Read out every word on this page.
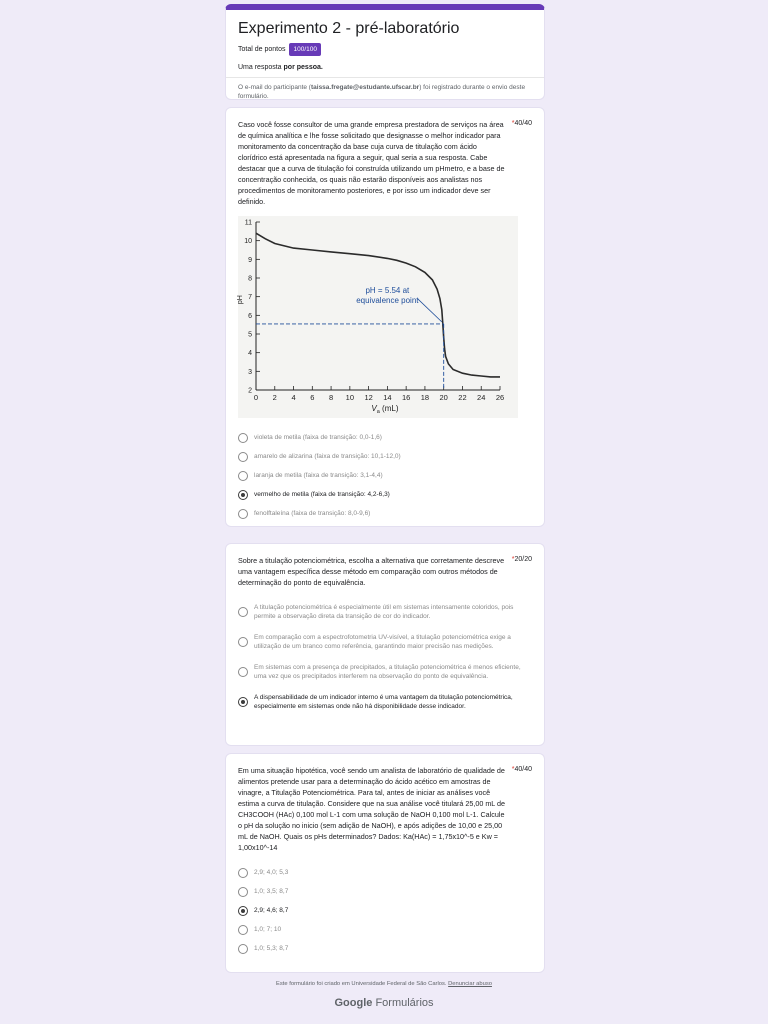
Experimento 2 - pré-laboratório
Total de pontos	100/100
Uma resposta por pessoa.
O e-mail do participante (taissa.fregate@estudante.ufscar.br) foi registrado durante o envio deste formulário.
Caso você fosse consultor de uma grande empresa prestadora de serviços na área de química analítica e lhe fosse solicitado que designasse o melhor indicador para monitoramento da concentração da base cuja curva de titulação com ácido clorídrico está apresentada na figura a seguir, qual seria a sua resposta. Cabe destacar que a curva de titulação foi construída utilizando um pHmetro, e a base de concentração conhecida, os quais não estarão disponíveis aos analistas nos procedimentos de monitoramento posteriores, e por isso um indicador deve ser definido.
*40/40
2
3
4
5
6
7
8
9
10
11
0 2 4 6 8 10 12 14 16 18 20 22 24 26
pH
$V_a$ (mL)
pH = 5.54 at
equivalence point
violeta de metila (faixa de transição: 0,0-1,6)
amarelo de alizarina (faixa de transição: 10,1-12,0)
laranja de metila (faixa de transição: 3,1-4,4)
vermelho de metila (faixa de transição: 4,2-6,3)
fenolftaleína (faixa de transição: 8,0-9,6)
Sobre a titulação potenciométrica, escolha a alternativa que corretamente descreve uma vantagem específica desse método em comparação com outros métodos de determinação do ponto de equivalência.
*20/20
A titulação potenciométrica é especialmente útil em sistemas intensamente coloridos, pois permite a observação direta da transição de cor do indicador.
Em comparação com a espectrofotometria UV-visível, a titulação potenciométrica exige a utilização de um branco como referência, garantindo maior precisão nas medições.
Em sistemas com a presença de precipitados, a titulação potenciométrica é menos eficiente, uma vez que os precipitados interferem na observação do ponto de equivalência.
A dispensabilidade de um indicador interno é uma vantagem da titulação potenciométrica, especialmente em sistemas onde não há disponibilidade desse indicador.
Em uma situação hipotética, você sendo um analista de laboratório de qualidade de alimentos pretende usar para a determinação do ácido acético em amostras de vinagre, a Titulação Potenciométrica. Para tal, antes de iniciar as análises você estima a curva de titulação. Considere que na sua análise você titulará 25,00 mL de CH3COOH (HAc) 0,100 mol L-1 com uma solução de NaOH 0,100 mol L-1. Calcule o pH da solução no inicio (sem adição de NaOH), e após adições de 10,00 e 25,00 mL de NaOH. Quais os pHs determinados? Dados: Ka(HAc) = 1,75x10^-5 e Kw = 1,00x10^-14
*40/40
2,9; 4,0; 5,3
1,0; 3,5; 8,7
2,9; 4,6; 8,7
1,0; 7; 10
1,0; 5,3; 8,7
Este formulário foi criado em Universidade Federal de São Carlos. Denunciar abuso
Google Formulários
